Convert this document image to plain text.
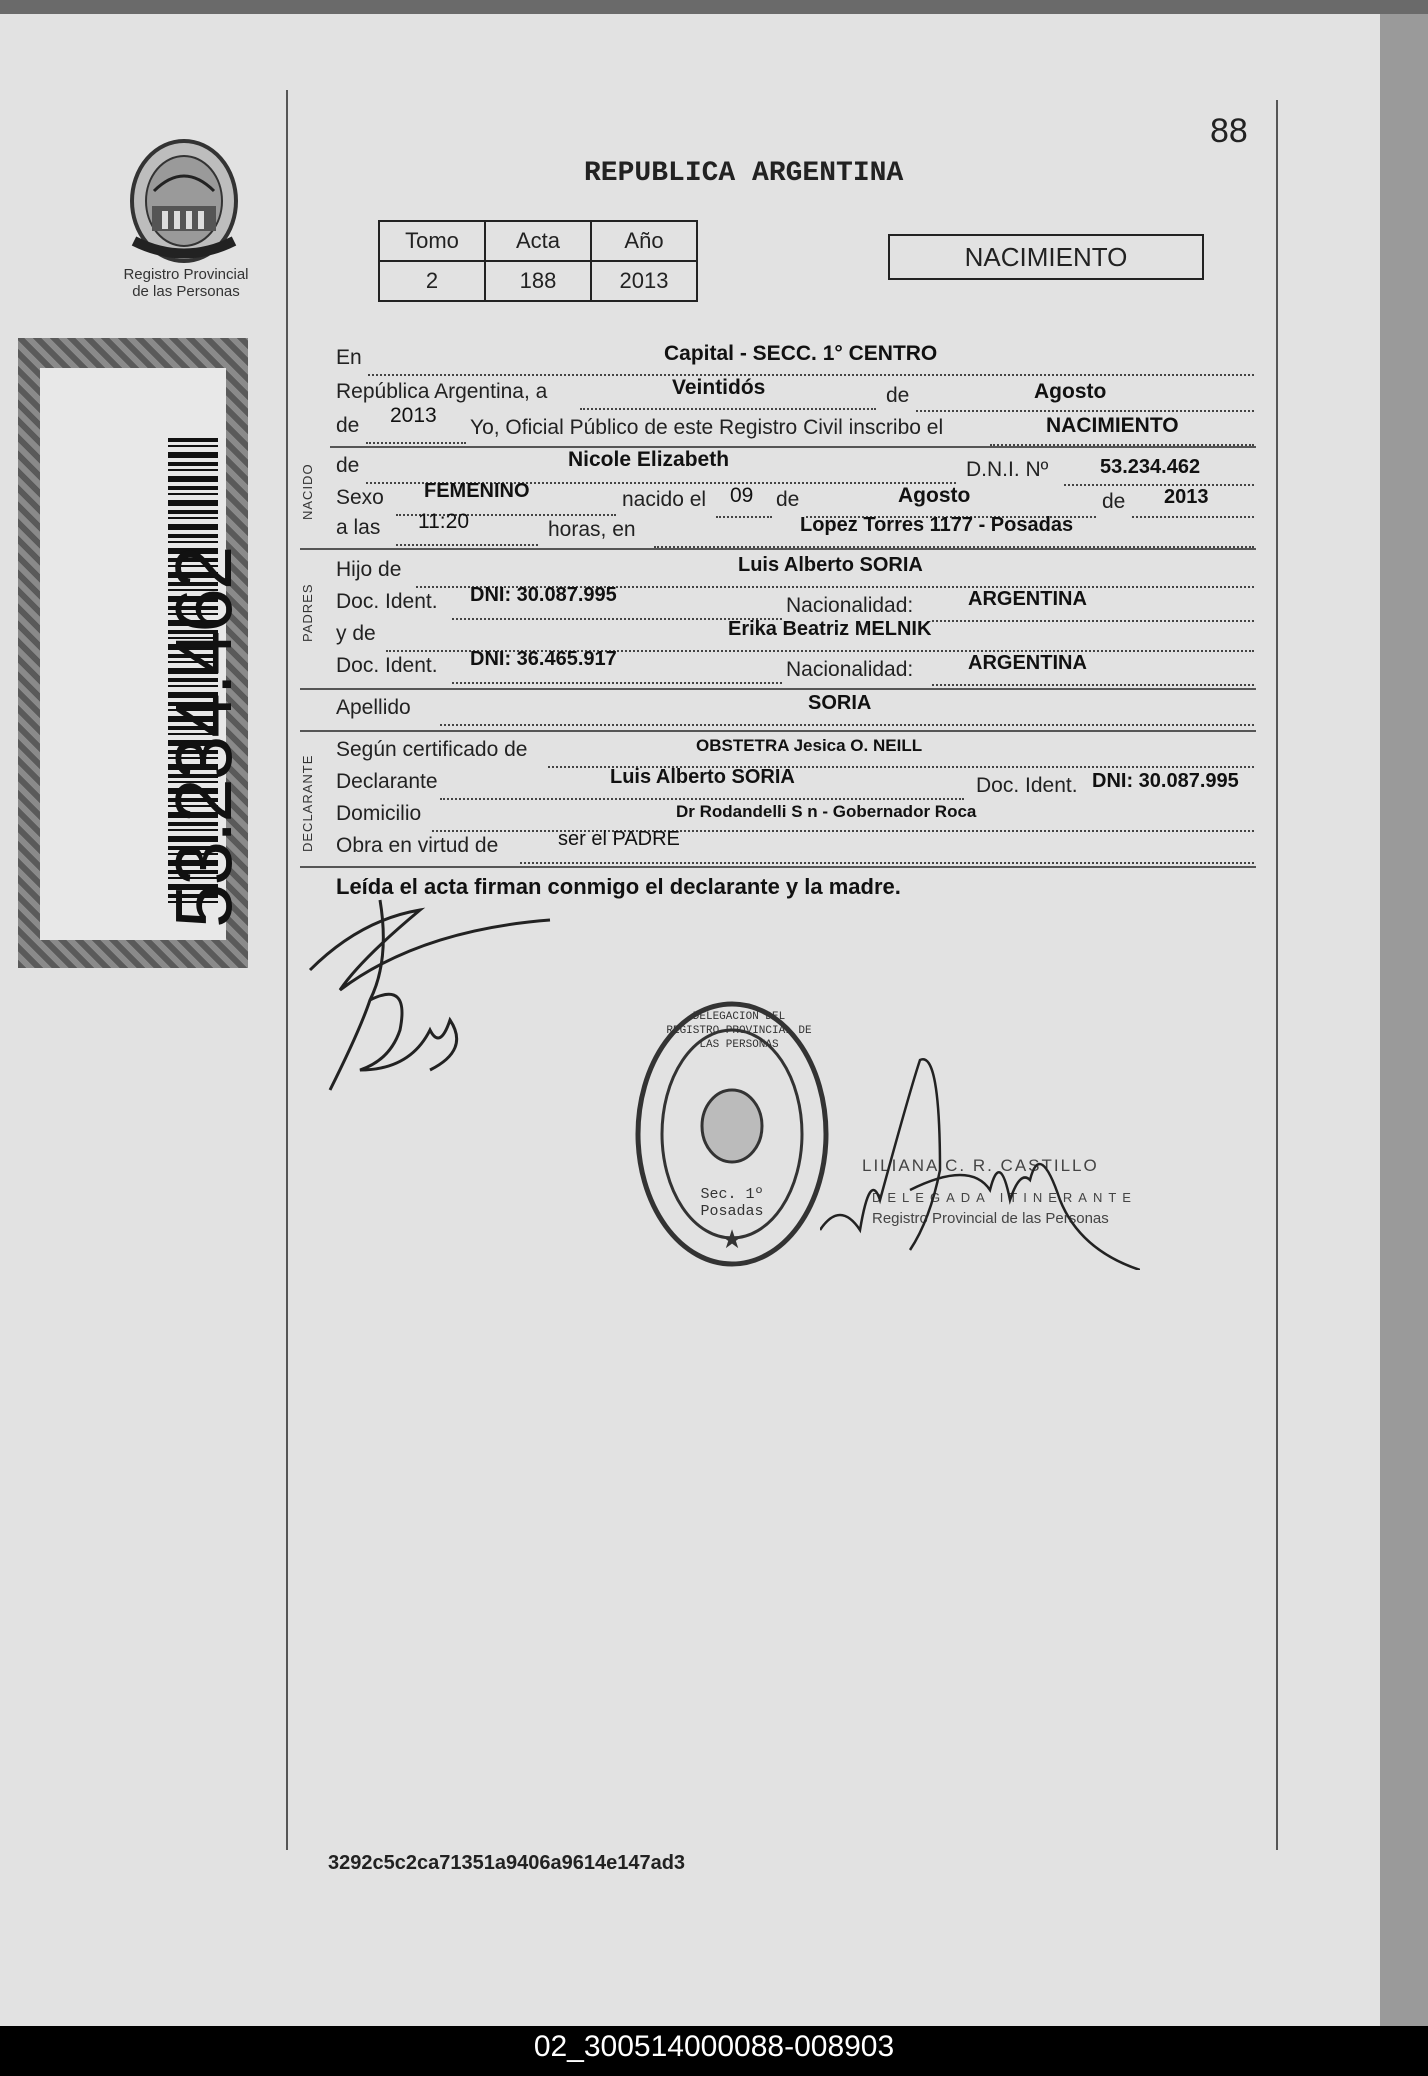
Registro Provincial
de las Personas
53.234.462
88
REPUBLICA ARGENTINA
Tomo	Acta	Año
2	188	2013
NACIMIENTO
En	Capital - SECC. 1° CENTRO
República Argentina, a	Veintidós	de	Agosto
de 2013
Yo, Oficial Público de este Registro Civil inscribo el	NACIMIENTO
NACIDO de	Nicole Elizabeth	D.N.I. Nº	53.234.462
Sexo FEMENINO	nacido el 09 de	Agosto	de 2013
a las 11:20	horas, en	Lopez Torres 1177 - Posadas
PADRES
Hijo de	Luis Alberto SORIA
Doc. Ident. DNI: 30.087.995	Nacionalidad:	ARGENTINA
y de	Erika Beatriz MELNIK
Doc. Ident. DNI: 36.465.917	Nacionalidad:	ARGENTINA
Apellido	SORIA
DECLARANTE
Según certificado de	OBSTETRA Jesica O. NEILL
Declarante	Luis Alberto SORIA	Doc. Ident. DNI: 30.087.995
Domicilio	Dr Rodandelli S n - Gobernador Roca
Obra en virtud de	ser el PADRE
Leída el acta firman conmigo el declarante y la madre.
★
DELEGACION DEL REGISTRO PROVINCIAL DE LAS PERSONAS
Sec. 1º Posadas
LILIANA C. R. CASTILLO
DELEGADA ITINERANTE
Registro Provincial de las Personas
3292c5c2ca71351a9406a9614e147ad3
02_300514000088-008903
